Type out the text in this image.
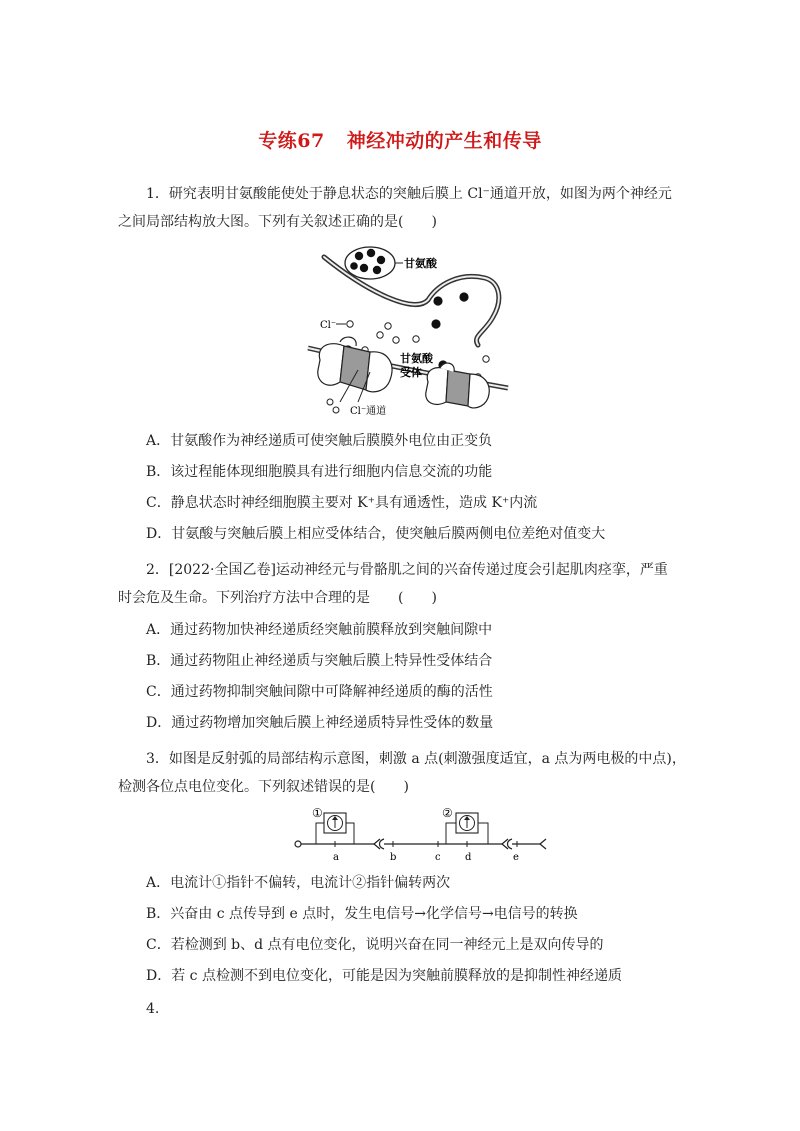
专练67 神经冲动的产生和传导
1．研究表明甘氨酸能使处于静息状态的突触后膜上 Cl⁻通道开放，如图为两个神经元
之间局部结构放大图。下列有关叙述正确的是(　　)
甘氨酸
Cl⁻
Cl⁻通道
甘氨酸
受体
A．甘氨酸作为神经递质可使突触后膜膜外电位由正变负
B．该过程能体现细胞膜具有进行细胞内信息交流的功能
C．静息状态时神经细胞膜主要对 K⁺具有通透性，造成 K⁺内流
D．甘氨酸与突触后膜上相应受体结合，使突触后膜两侧电位差绝对值变大
2．[2022·全国乙卷]运动神经元与骨骼肌之间的兴奋传递过度会引起肌肉痉挛，严重
时会危及生命。下列治疗方法中合理的是　　(　　)
A．通过药物加快神经递质经突触前膜释放到突触间隙中
B．通过药物阻止神经递质与突触后膜上特异性受体结合
C．通过药物抑制突触间隙中可降解神经递质的酶的活性
D．通过药物增加突触后膜上神经递质特异性受体的数量
3．如图是反射弧的局部结构示意图，刺激 a 点(刺激强度适宜，a 点为两电极的中点)，
检测各位点电位变化。下列叙述错误的是(　　)
①	②
a	b	c d	e
A．电流计①指针不偏转，电流计②指针偏转两次
B．兴奋由 c 点传导到 e 点时，发生电信号→化学信号→电信号的转换
C．若检测到 b、d 点有电位变化，说明兴奋在同一神经元上是双向传导的
D．若 c 点检测不到电位变化，可能是因为突触前膜释放的是抑制性神经递质
4.
